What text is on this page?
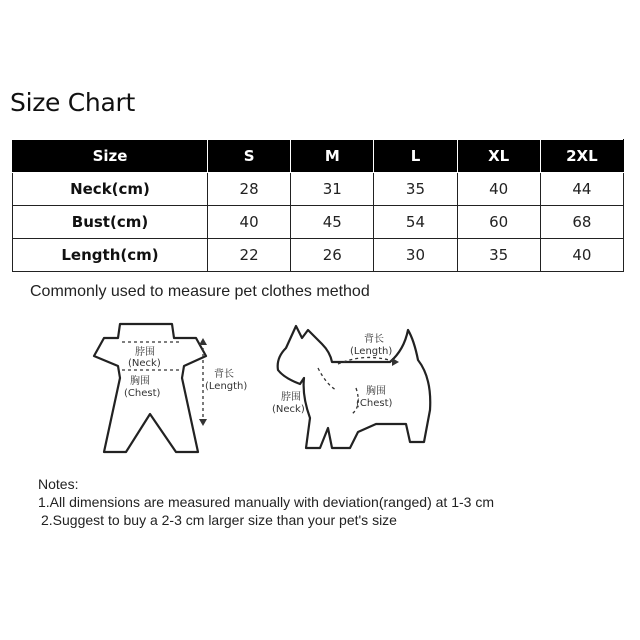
Size Chart
Size	S	M	L	XL	2XL
Neck(cm)	28	31	35	40	44
Bust(cm)	40	45	54	60	68
Length(cm)	22	26	30	35	40
Commonly used to measure pet clothes method
脖围
(Neck)
胸围
(Chest)
背长
(Length)
背长
(Length)
脖围
(Neck)
胸围
(Chest)
Notes:
1.All dimensions are measured manually with deviation(ranged) at 1-3 cm
2.Suggest to buy a 2-3 cm larger size than your pet's size
